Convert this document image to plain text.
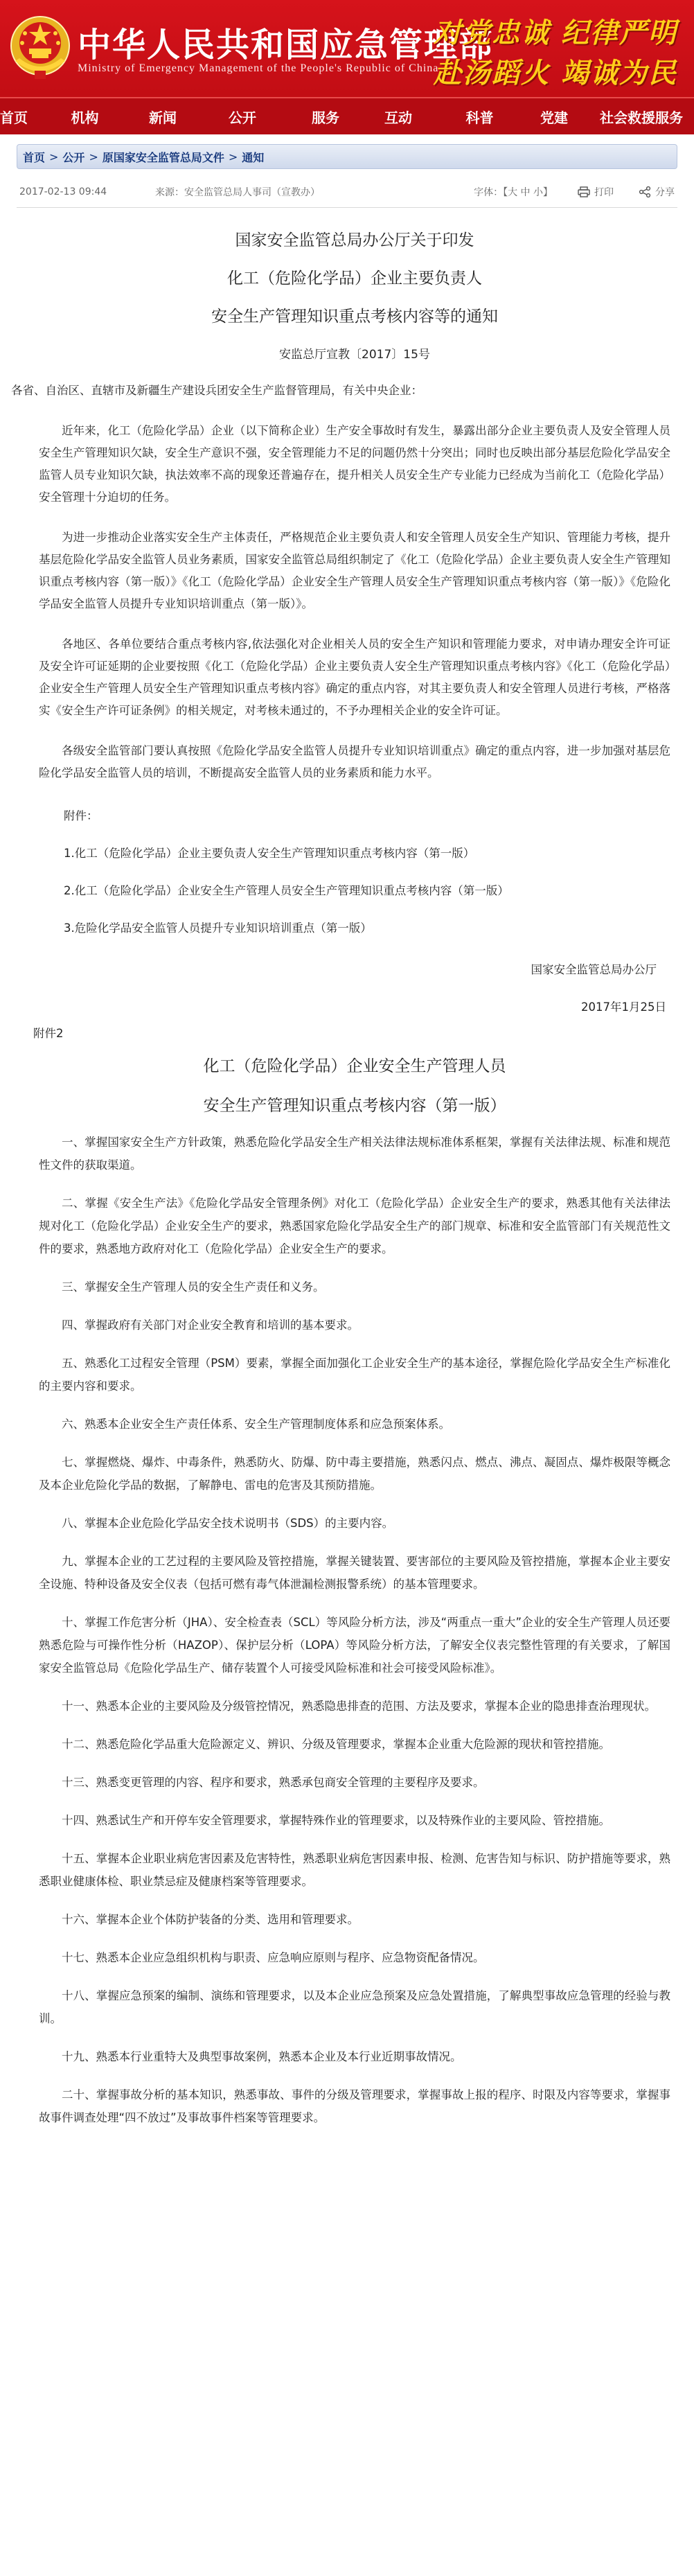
中华人民共和国应急管理部
Ministry of Emergency Management of the People's Republic of China
对党忠诚 纪律严明
赴汤蹈火 竭诚为民
首页	机构	新闻	公开	服务	互动	科普	党建	社会救援服务
首页 > 公开 > 原国家安全监管总局文件 > 通知
2017-02-13 09:44	来源：安全监管总局人事司（宣教办）	字体：【大 中 小】	打印	分享
国家安全监管总局办公厅关于印发
化工（危险化学品）企业主要负责人
安全生产管理知识重点考核内容等的通知
安监总厅宣教〔2017〕15号
各省、自治区、直辖市及新疆生产建设兵团安全生产监督管理局，有关中央企业：
近年来，化工（危险化学品）企业（以下简称企业）生产安全事故时有发生，暴露出部分企业主要负责人及安全管理人员安全生产管理知识欠缺，安全生产意识不强，安全管理能力不足的问题仍然十分突出；同时也反映出部分基层危险化学品安全监管人员专业知识欠缺，执法效率不高的现象还普遍存在，提升相关人员安全生产专业能力已经成为当前化工（危险化学品）安全管理十分迫切的任务。
为进一步推动企业落实安全生产主体责任，严格规范企业主要负责人和安全管理人员安全生产知识、管理能力考核，提升基层危险化学品安全监管人员业务素质，国家安全监管总局组织制定了《化工（危险化学品）企业主要负责人安全生产管理知识重点考核内容（第一版）》《化工（危险化学品）企业安全生产管理人员安全生产管理知识重点考核内容（第一版）》《危险化学品安全监管人员提升专业知识培训重点（第一版）》。
各地区、各单位要结合重点考核内容,依法强化对企业相关人员的安全生产知识和管理能力要求，对申请办理安全许可证及安全许可证延期的企业要按照《化工（危险化学品）企业主要负责人安全生产管理知识重点考核内容》《化工（危险化学品）企业安全生产管理人员安全生产管理知识重点考核内容》确定的重点内容，对其主要负责人和安全管理人员进行考核，严格落实《安全生产许可证条例》的相关规定，对考核未通过的，不予办理相关企业的安全许可证。
各级安全监管部门要认真按照《危险化学品安全监管人员提升专业知识培训重点》确定的重点内容，进一步加强对基层危险化学品安全监管人员的培训，不断提高安全监管人员的业务素质和能力水平。
附件：
1.化工（危险化学品）企业主要负责人安全生产管理知识重点考核内容（第一版）
2.化工（危险化学品）企业安全生产管理人员安全生产管理知识重点考核内容（第一版）
3.危险化学品安全监管人员提升专业知识培训重点（第一版）
国家安全监管总局办公厅
2017年1月25日
附件2
化工（危险化学品）企业安全生产管理人员
安全生产管理知识重点考核内容（第一版）
一、掌握国家安全生产方针政策，熟悉危险化学品安全生产相关法律法规标准体系框架，掌握有关法律法规、标准和规范性文件的获取渠道。
二、掌握《安全生产法》《危险化学品安全管理条例》对化工（危险化学品）企业安全生产的要求，熟悉其他有关法律法规对化工（危险化学品）企业安全生产的要求，熟悉国家危险化学品安全生产的部门规章、标准和安全监管部门有关规范性文件的要求，熟悉地方政府对化工（危险化学品）企业安全生产的要求。
三、掌握安全生产管理人员的安全生产责任和义务。
四、掌握政府有关部门对企业安全教育和培训的基本要求。
五、熟悉化工过程安全管理（PSM）要素，掌握全面加强化工企业安全生产的基本途径，掌握危险化学品安全生产标准化的主要内容和要求。
六、熟悉本企业安全生产责任体系、安全生产管理制度体系和应急预案体系。
七、掌握燃烧、爆炸、中毒条件，熟悉防火、防爆、防中毒主要措施，熟悉闪点、燃点、沸点、凝固点、爆炸极限等概念及本企业危险化学品的数据，了解静电、雷电的危害及其预防措施。
八、掌握本企业危险化学品安全技术说明书（SDS）的主要内容。
九、掌握本企业的工艺过程的主要风险及管控措施，掌握关键装置、要害部位的主要风险及管控措施，掌握本企业主要安全设施、特种设备及安全仪表（包括可燃有毒气体泄漏检测报警系统）的基本管理要求。
十、掌握工作危害分析（JHA）、安全检查表（SCL）等风险分析方法，涉及“两重点一重大”企业的安全生产管理人员还要熟悉危险与可操作性分析（HAZOP）、保护层分析（LOPA）等风险分析方法，了解安全仪表完整性管理的有关要求，了解国家安全监管总局《危险化学品生产、储存装置个人可接受风险标准和社会可接受风险标准》。
十一、熟悉本企业的主要风险及分级管控情况，熟悉隐患排查的范围、方法及要求，掌握本企业的隐患排查治理现状。
十二、熟悉危险化学品重大危险源定义、辨识、分级及管理要求，掌握本企业重大危险源的现状和管控措施。
十三、熟悉变更管理的内容、程序和要求，熟悉承包商安全管理的主要程序及要求。
十四、熟悉试生产和开停车安全管理要求，掌握特殊作业的管理要求，以及特殊作业的主要风险、管控措施。
十五、掌握本企业职业病危害因素及危害特性，熟悉职业病危害因素申报、检测、危害告知与标识、防护措施等要求，熟悉职业健康体检、职业禁忌症及健康档案等管理要求。
十六、掌握本企业个体防护装备的分类、选用和管理要求。
十七、熟悉本企业应急组织机构与职责、应急响应原则与程序、应急物资配备情况。
十八、掌握应急预案的编制、演练和管理要求，以及本企业应急预案及应急处置措施，了解典型事故应急管理的经验与教训。
十九、熟悉本行业重特大及典型事故案例，熟悉本企业及本行业近期事故情况。
二十、掌握事故分析的基本知识，熟悉事故、事件的分级及管理要求，掌握事故上报的程序、时限及内容等要求，掌握事故事件调查处理“四不放过”及事故事件档案等管理要求。
